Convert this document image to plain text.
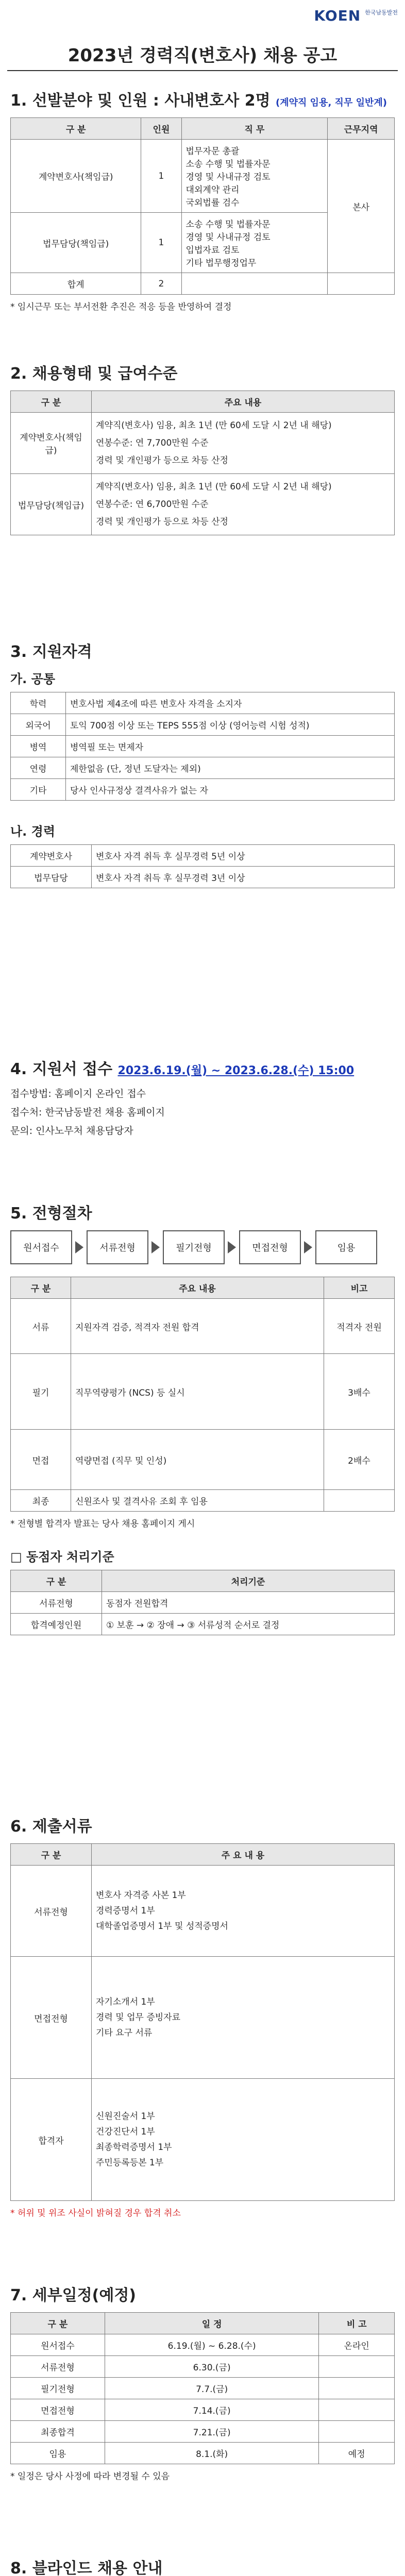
KOEN 한국남동발전
2023년 경력직(변호사) 채용 공고
1. 선발분야 및 인원 : 사내변호사 2명 (계약직 임용, 직무 일반계)
구 분	인원	직 무	근무지역
계약변호사(책임급)	1	법무자문 총괄
소송 수행 및 법률자문
경영 및 사내규정 검토
대외계약 관리
국외법률 검수	본사
법무담당(책임급)	1	소송 수행 및 법률자문
경영 및 사내규정 검토
입법자료 검토
기타 법무행정업무	

합계	2		
* 임시근무 또는 부서전환 추진은 적응 등을 반영하여 결정
2. 채용형태 및 급여수준
구 분	주요 내용
계약변호사(책임급)	계약직(변호사) 임용, 최초 1년 (만 60세 도달 시 2년 내 해당)
연봉수준: 연 7,700만원 수준
경력 및 개인평가 등으로 차등 산정

법무담당(책임급)	계약직(변호사) 임용, 최초 1년 (만 60세 도달 시 2년 내 해당)
연봉수준: 연 6,700만원 수준
경력 및 개인평가 등으로 차등 산정
3. 지원자격
가. 공통
학력	변호사법 제4조에 따른 변호사 자격을 소지자
외국어	토익 700점 이상 또는 TEPS 555점 이상 (영어능력 시험 성적)
병역	병역필 또는 면제자
연령	제한없음 (단, 정년 도달자는 제외)
기타	당사 인사규정상 결격사유가 없는 자
나. 경력
계약변호사	변호사 자격 취득 후 실무경력 5년 이상
법무담당	변호사 자격 취득 후 실무경력 3년 이상
4. 지원서 접수 2023.6.19.(월) ~ 2023.6.28.(수) 15:00
접수방법: 홈페이지 온라인 접수
접수처: 한국남동발전 채용 홈페이지
문의: 인사노무처 채용담당자
5. 전형절차
원서접수	서류전형	필기전형	면접전형	임용
구 분	주요 내용	비고
서류	지원자격 검증, 적격자 전원 합격	적격자 전원
필기	직무역량평가 (NCS) 등 실시	3배수
면접	역량면접 (직무 및 인성)	2배수
최종	신원조사 및 결격사유 조회 후 임용	
* 전형별 합격자 발표는 당사 채용 홈페이지 게시
□ 동점자 처리기준
구 분	처리기준
서류전형	동점자 전원합격
합격예정인원	① 보훈 → ② 장애 → ③ 서류성적 순서로 결정
6. 제출서류
구 분	주 요 내 용
서류전형	변호사 자격증 사본 1부
경력증명서 1부
대학졸업증명서 1부 및 성적증명서

면접전형	자기소개서 1부
경력 및 업무 증빙자료
기타 요구 서류

합격자	신원진술서 1부
건강진단서 1부
최종학력증명서 1부
주민등록등본 1부
* 허위 및 위조 사실이 밝혀질 경우 합격 취소
7. 세부일정(예정)
구 분	일 정	비 고
원서접수	6.19.(월) ~ 6.28.(수)	온라인
서류전형	6.30.(금)	
필기전형	7.7.(금)	
면접전형	7.14.(금)	
최종합격	7.21.(금)	
임용	8.1.(화)	예정
* 일정은 당사 사정에 따라 변경될 수 있음
8. 블라인드 채용 안내
